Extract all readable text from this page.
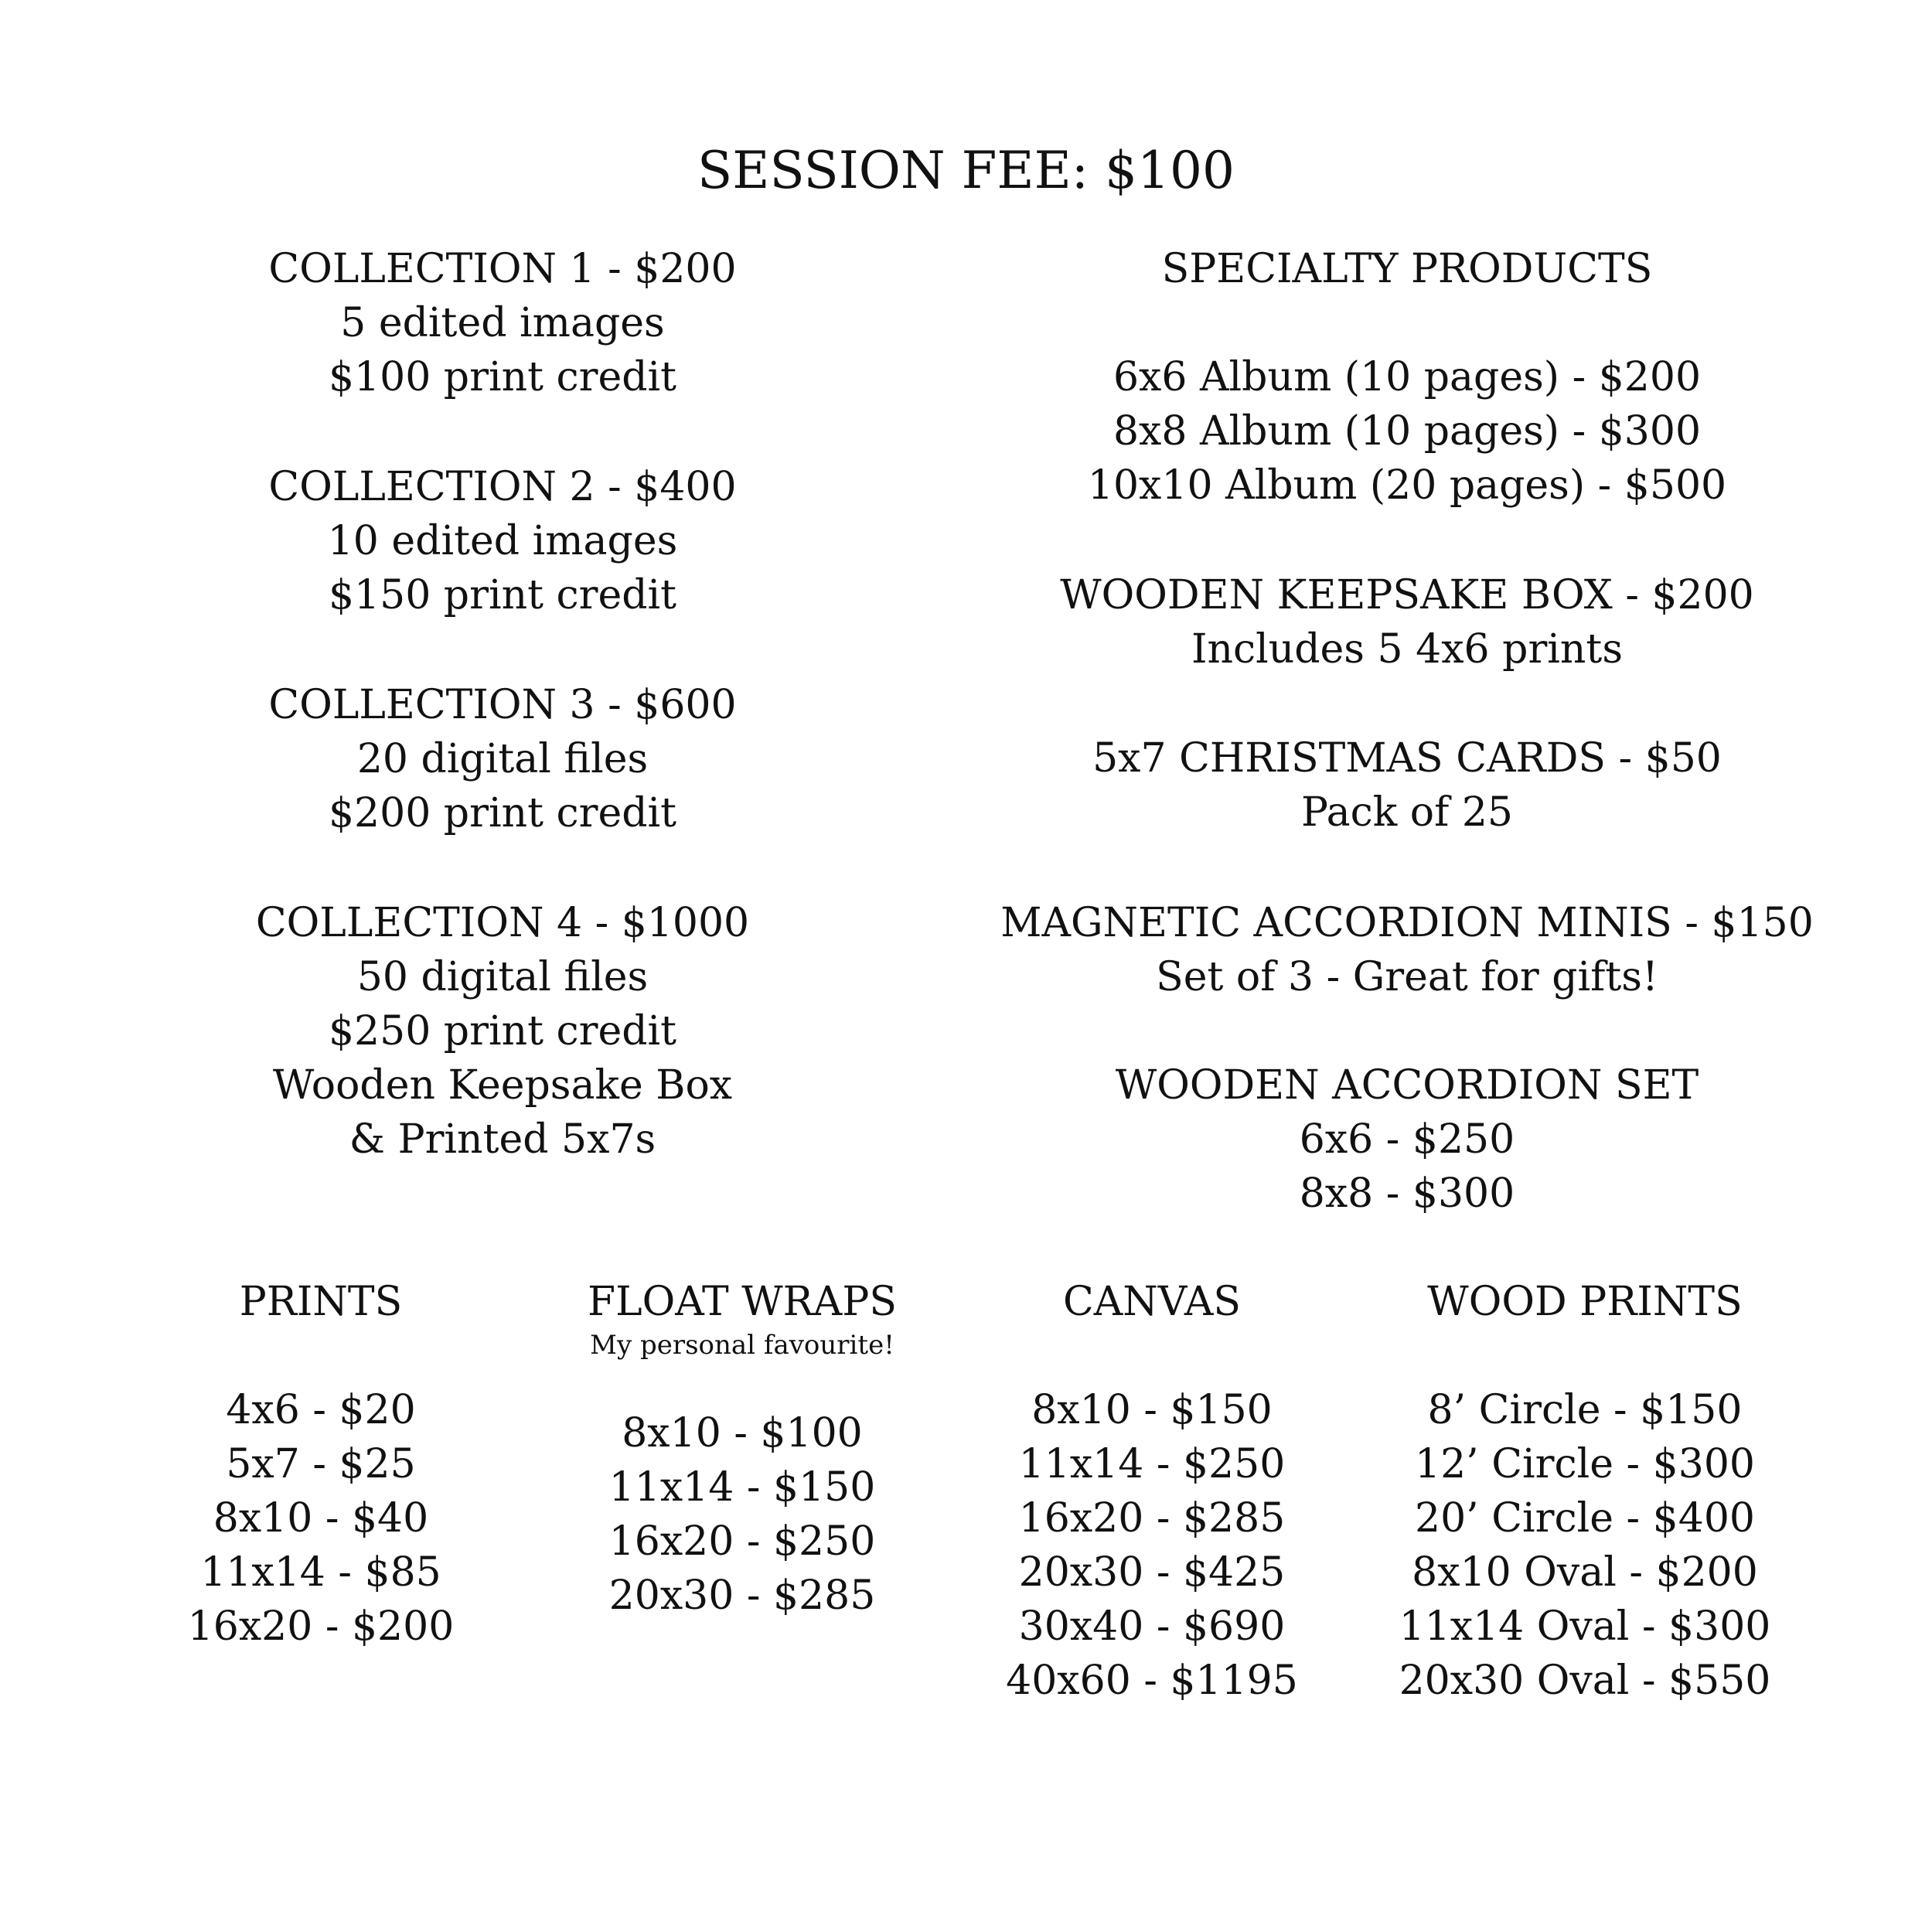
SESSION FEE: $100
COLLECTION 1 - $200
5 edited images
$100 print credit
COLLECTION 2 - $400
10 edited images
$150 print credit
COLLECTION 3 - $600
20 digital files
$200 print credit
COLLECTION 4 - $1000
50 digital files
$250 print credit
Wooden Keepsake Box
& Printed 5x7s
SPECIALTY PRODUCTS
6x6 Album (10 pages) - $200
8x8 Album (10 pages) - $300
10x10 Album (20 pages) - $500
WOODEN KEEPSAKE BOX - $200
Includes 5 4x6 prints
5x7 CHRISTMAS CARDS - $50
Pack of 25
MAGNETIC ACCORDION MINIS - $150
Set of 3 - Great for gifts!
WOODEN ACCORDION SET
6x6 - $250
8x8 - $300
PRINTS
4x6 - $20
5x7 - $25
8x10 - $40
11x14 - $85
16x20 - $200
FLOAT WRAPS
My personal favourite!
8x10 - $100
11x14 - $150
16x20 - $250
20x30 - $285
CANVAS
8x10 - $150
11x14 - $250
16x20 - $285
20x30 - $425
30x40 - $690
40x60 - $1195
WOOD PRINTS
8’ Circle - $150
12’ Circle - $300
20’ Circle - $400
8x10 Oval - $200
11x14 Oval - $300
20x30 Oval - $550
